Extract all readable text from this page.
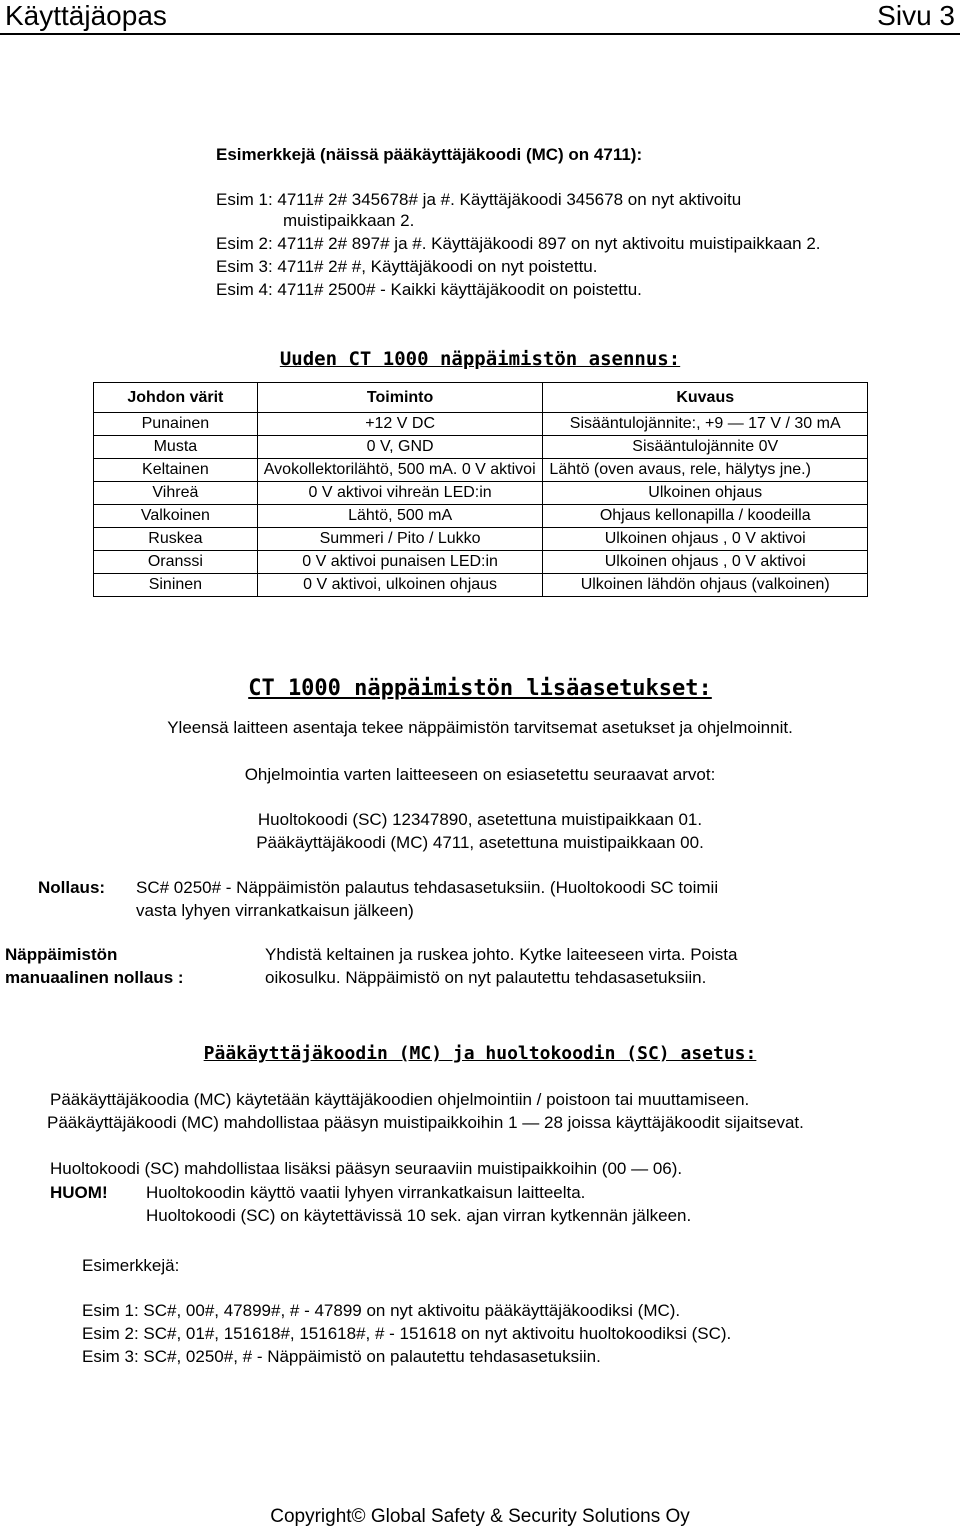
Käyttäjäopas	Sivu 3
Esimerkkejä (näissä pääkäyttäjäkoodi (MC) on 4711):
Esim 1: 4711# 2# 345678# ja #. Käyttäjäkoodi 345678 on nyt aktivoitu
muistipaikkaan 2.
Esim 2: 4711# 2# 897# ja #. Käyttäjäkoodi 897 on nyt aktivoitu muistipaikkaan 2.
Esim 3: 4711# 2# #, Käyttäjäkoodi on nyt poistettu.
Esim 4: 4711# 2500# - Kaikki käyttäjäkoodit on poistettu.
Uuden CT 1000 näppäimistön asennus:
Johdon värit	Toiminto	Kuvaus
Punainen	+12 V DC	Sisääntulojännite:, +9 — 17 V / 30 mA
Musta	0 V, GND	Sisääntulojännite 0V
Keltainen	Avokollektorilähtö, 500 mA. 0 V aktivoi	Lähtö (oven avaus, rele, hälytys jne.)
Vihreä	0 V aktivoi vihreän LED:in	Ulkoinen ohjaus
Valkoinen	Lähtö, 500 mA	Ohjaus kellonapilla / koodeilla
Ruskea	Summeri / Pito / Lukko	Ulkoinen ohjaus , 0 V aktivoi
Oranssi	0 V aktivoi punaisen LED:in	Ulkoinen ohjaus , 0 V aktivoi
Sininen	0 V aktivoi, ulkoinen ohjaus	Ulkoinen lähdön ohjaus (valkoinen)
CT 1000 näppäimistön lisäasetukset:
Yleensä laitteen asentaja tekee näppäimistön tarvitsemat asetukset ja ohjelmoinnit.
Ohjelmointia varten laitteeseen on esiasetettu seuraavat arvot:
Huoltokoodi (SC) 12347890, asetettuna muistipaikkaan 01.
Pääkäyttäjäkoodi (MC) 4711, asetettuna muistipaikkaan 00.
Nollaus: SC# 0250# - Näppäimistön palautus tehdasasetuksiin. (Huoltokoodi SC toimii
vasta lyhyen virrankatkaisun jälkeen)
Näppäimistön
manuaalinen nollaus :
Yhdistä keltainen ja ruskea johto. Kytke laiteeseen virta. Poista
oikosulku. Näppäimistö on nyt palautettu tehdasasetuksiin.
Pääkäyttäjäkoodin (MC) ja huoltokoodin (SC) asetus:
Pääkäyttäjäkoodia (MC) käytetään käyttäjäkoodien ohjelmointiin / poistoon tai muuttamiseen.
Pääkäyttäjäkoodi (MC) mahdollistaa pääsyn muistipaikkoihin 1 — 28 joissa käyttäjäkoodit sijaitsevat.
Huoltokoodi (SC) mahdollistaa lisäksi pääsyn seuraaviin muistipaikkoihin (00 — 06).
HUOM! Huoltokoodin käyttö vaatii lyhyen virrankatkaisun laitteelta.
Huoltokoodi (SC) on käytettävissä 10 sek. ajan virran kytkennän jälkeen.
Esimerkkejä:
Esim 1: SC#, 00#, 47899#, # - 47899 on nyt aktivoitu pääkäyttäjäkoodiksi (MC).
Esim 2: SC#, 01#, 151618#, 151618#, # - 151618 on nyt aktivoitu huoltokoodiksi (SC).
Esim 3: SC#, 0250#, # - Näppäimistö on palautettu tehdasasetuksiin.
Copyright© Global Safety & Security Solutions Oy
